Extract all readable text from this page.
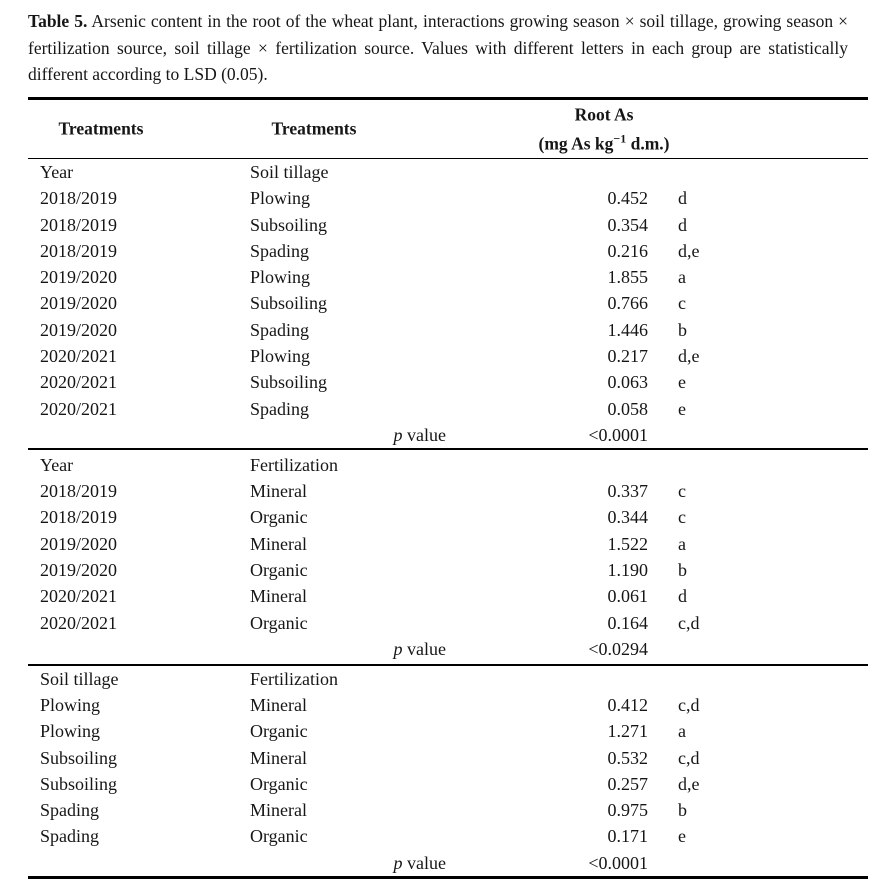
Table 5. Arsenic content in the root of the wheat plant, interactions growing season × soil tillage, growing season × fertilization source, soil tillage × fertilization source. Values with different letters in each group are statistically different according to LSD (0.05).

Treatments	Treatments
Root As
(mg As $kg^{-1}$ d.m.)
Year	Soil tillage
2018/2019	Plowing	0.452	d
2018/2019	Subsoiling	0.354	d
2018/2019	Spading	0.216	d,e
2019/2020	Plowing	1.855	a
2019/2020	Subsoiling	0.766	c
2019/2020	Spading	1.446	b
2020/2021	Plowing	0.217	d,e
2020/2021	Subsoiling	0.063	e
2020/2021	Spading	0.058	e
p value	<0.0001
Year	Fertilization
2018/2019	Mineral	0.337	c
2018/2019	Organic	0.344	c
2019/2020	Mineral	1.522	a
2019/2020	Organic	1.190	b
2020/2021	Mineral	0.061	d
2020/2021	Organic	0.164	c,d
p value	<0.0294
Soil tillage	Fertilization
Plowing	Mineral	0.412	c,d
Plowing	Organic	1.271	a
Subsoiling	Mineral	0.532	c,d
Subsoiling	Organic	0.257	d,e
Spading	Mineral	0.975	b
Spading	Organic	0.171	e
p value	<0.0001
